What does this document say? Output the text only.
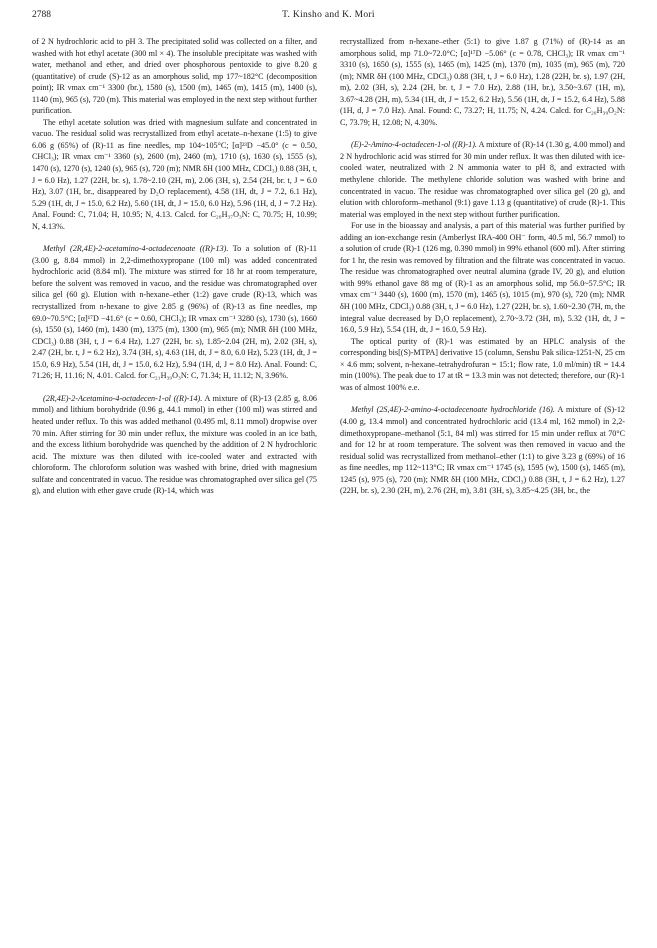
2788	T. Kinsho and K. Mori

of 2 N hydrochloric acid to pH 3. The precipitated solid was collected on a filter, and washed with hot ethyl acetate (300 ml × 4). The insoluble precipitate was washed with water, methanol and ether, and dried over phosphorous pentoxide to give 8.20 g (quantitative) of crude (S)-12 as an amorphous solid, mp 177~182°C (decomposition point); IR νmax cm⁻¹ 3300 (br.), 1580 (s), 1500 (m), 1465 (m), 1415 (m), 1400 (s), 1140 (m), 965 (s), 720 (m). This material was employed in the next step without further purification.

The ethyl acetate solution was dried with magnesium sulfate and concentrated in vacuo. The residual solid was recrystallized from ethyl acetate–n-hexane (1:5) to give 6.06 g (65%) of (R)-11 as fine needles, mp 104~105°C; [α]²³D −45.0° (c = 0.50, CHCl₃); IR νmax cm⁻¹ 3360 (s), 2600 (m), 2460 (m), 1710 (s), 1630 (s), 1555 (s), 1470 (s), 1270 (s), 1240 (s), 965 (s), 720 (m); NMR δH (100 MHz, CDCl₃) 0.88 (3H, t, J = 6.0 Hz), 1.27 (22H, br. s), 1.78~2.10 (2H, m), 2.06 (3H, s), 2.54 (2H, br. t, J = 6.0 Hz), 3.07 (1H, br., disappeared by D₂O replacement), 4.58 (1H, dt, J = 7.2, 6.1 Hz), 5.29 (1H, dt, J = 15.0, 6.2 Hz), 5.60 (1H, dt, J = 15.0, 6.0 Hz), 5.96 (1H, d, J = 7.2 Hz). Anal. Found: C, 71.04; H, 10.95; N, 4.13. Calcd. for C₂₀H₃₇O₃N: C, 70.75; H, 10.99; N, 4.13%.

Methyl (2R,4E)-2-acetamino-4-octadecenoate ((R)-13). To a solution of (R)-11 (3.00 g, 8.84 mmol) in 2,2-dimethoxypropane (100 ml) was added concentrated hydrochloric acid (8.84 ml). The mixture was stirred for 18 hr at room temperature, before the solvent was removed in vacuo, and the residue was chromatographed over silica gel (60 g). Elution with n-hexane–ether (1:2) gave crude (R)-13, which was recrystallized from n-hexane to give 2.85 g (96%) of (R)-13 as fine needles, mp 69.0~70.5°C; [α]¹⁷D −41.6° (c = 0.60, CHCl₃); IR νmax cm⁻¹ 3280 (s), 1730 (s), 1660 (s), 1550 (s), 1460 (m), 1430 (m), 1375 (m), 1300 (m), 965 (m); NMR δH (100 MHz, CDCl₃) 0.88 (3H, t, J = 6.4 Hz), 1.27 (22H, br. s), 1.85~2.04 (2H, m), 2.02 (3H, s), 2.47 (2H, br. t, J = 6.2 Hz), 3.74 (3H, s), 4.63 (1H, dt, J = 8.0, 6.0 Hz), 5.23 (1H, dt, J = 15.0, 6.9 Hz), 5.54 (1H, dt, J = 15.0, 6.2 Hz), 5.94 (1H, d, J = 8.0 Hz). Anal. Found: C, 71.26; H, 11.16; N, 4.01. Calcd. for C₂₁H₃₉O₃N: C, 71.34; H, 11.12; N, 3.96%.

(2R,4E)-2-Acetamino-4-octadecen-1-ol ((R)-14). A mixture of (R)-13 (2.85 g, 8.06 mmol) and lithium borohydride (0.96 g, 44.1 mmol) in ether (100 ml) was stirred and heated under reflux. To this was added methanol (0.495 ml, 8.11 mmol) dropwise over 70 min. After stirring for 30 min under reflux, the mixture was cooled in an ice bath, and the excess lithium borohydride was quenched by the addition of 2 N hydrochloric acid. The mixture was then diluted with ice-cooled water and extracted with chloroform. The chloroform solution was washed with brine, dried with magnesium sulfate and concentrated in vacuo. The residue was chromatographed over silica gel (75 g), and elution with ether gave crude (R)-14, which was

recrystallized from n-hexane–ether (5:1) to give 1.87 g (71%) of (R)-14 as an amorphous solid, mp 71.0~72.0°C; [α]¹⁷D −5.06° (c = 0.78, CHCl₃); IR νmax cm⁻¹ 3310 (s), 1650 (s), 1555 (s), 1465 (m), 1425 (m), 1370 (m), 1035 (m), 965 (m), 720 (m); NMR δH (100 MHz, CDCl₃) 0.88 (3H, t, J = 6.0 Hz), 1.28 (22H, br. s), 1.97 (2H, m), 2.02 (3H, s), 2.24 (2H, br. t, J = 7.0 Hz), 2.88 (1H, br.), 3.50~3.67 (1H, m), 3.67~4.28 (2H, m), 5.34 (1H, dt, J = 15.2, 6.2 Hz), 5.56 (1H, dt, J = 15.2, 6.4 Hz), 5.88 (1H, d, J = 7.0 Hz). Anal. Found: C, 73.27; H, 11.75; N, 4.24. Calcd. for C₂₀H₃₉O₂N: C, 73.79; H, 12.08; N, 4.30%.

(E)-2-Amino-4-octadecen-1-ol ((R)-1). A mixture of (R)-14 (1.30 g, 4.00 mmol) and 2 N hydrochloric acid was stirred for 30 min under reflux. It was then diluted with ice-cooled water, neutralized with 2 N ammonia water to pH 8, and extracted with methylene chloride. The methylene chloride solution was washed with brine and concentrated in vacuo. The residue was chromatographed over silica gel (20 g), and elution with chloroform–methanol (9:1) gave 1.13 g (quantitative) of crude (R)-1. This material was employed in the next step without further purification.

For use in the bioassay and analysis, a part of this material was further purified by adding an ion-exchange resin (Amberlyst IRA-400 OH⁻ form, 40.5 ml, 56.7 mmol) to a solution of crude (R)-1 (126 mg, 0.390 mmol) in 99% ethanol (600 ml). After stirring for 1 hr, the resin was removed by filtration and the filtrate was concentrated in vacuo. The residue was chromatographed over neutral alumina (grade IV, 20 g), and elution with 99% ethanol gave 88 mg of (R)-1 as an amorphous solid, mp 56.0~57.5°C; IR νmax cm⁻¹ 3440 (s), 1600 (m), 1570 (m), 1465 (s), 1015 (m), 970 (s), 720 (m); NMR δH (100 MHz, CDCl₃) 0.88 (3H, t, J = 6.0 Hz), 1.27 (22H, br. s), 1.60~2.30 (7H, m, the integral value decreased by D₂O replacement), 2.70~3.72 (3H, m), 5.32 (1H, dt, J = 16.0, 5.9 Hz), 5.54 (1H, dt, J = 16.0, 5.9 Hz).

The optical purity of (R)-1 was estimated by an HPLC analysis of the corresponding bis[(S)-MTPA] derivative 15 (column, Senshu Pak silica-1251-N, 25 cm × 4.6 mm; solvent, n-hexane–tetrahydrofuran = 15:1; flow rate, 1.0 ml/min) tR = 14.4 min (100%). The peak due to 17 at tR = 13.3 min was not detected; therefore, our (R)-1 was of almost 100% e.e.

Methyl (2S,4E)-2-amino-4-octadecenoate hydrochloride (16). A mixture of (S)-12 (4.00 g, 13.4 mmol) and concentrated hydrochloric acid (13.4 ml, 162 mmol) in 2,2-dimethoxypropane–methanol (5:1, 84 ml) was stirred for 15 min under reflux at 70°C and for 12 hr at room temperature. The solvent was then removed in vacuo and the residual solid was recrystallized from methanol–ether (1:1) to give 3.23 g (69%) of 16 as fine needles, mp 112~113°C; IR νmax cm⁻¹ 1745 (s), 1595 (w), 1500 (s), 1465 (m), 1245 (s), 975 (s), 720 (m); NMR δH (100 MHz, CDCl₃) 0.88 (3H, t, J = 6.2 Hz), 1.27 (22H, br. s), 2.30 (2H, m), 2.76 (2H, m), 3.81 (3H, s), 3.85~4.25 (3H, br., the
